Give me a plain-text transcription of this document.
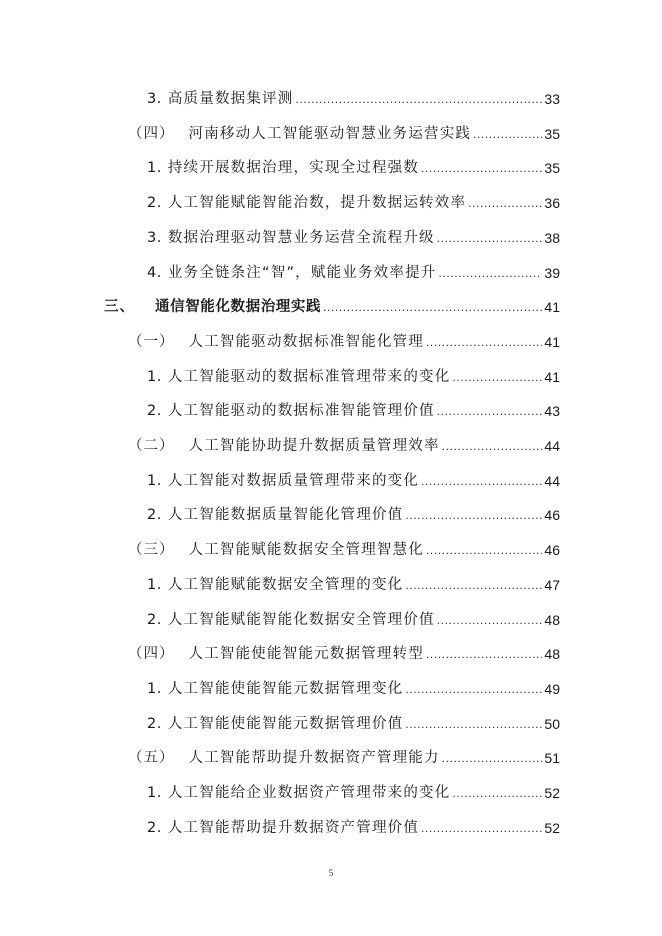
3. 高质量数据集评测 .....	33
（四） 河南移动人工智能驱动智慧业务运营实践 .....	35
1. 持续开展数据治理，实现全过程强数 .....	35
2. 人工智能赋能智能治数，提升数据运转效率 .....	36
3. 数据治理驱动智慧业务运营全流程升级 .....	38
4. 业务全链条注“智”，赋能业务效率提升 .....	39
三、 通信智能化数据治理实践 .....	41
（一） 人工智能驱动数据标准智能化管理 .....	41
1. 人工智能驱动的数据标准管理带来的变化 .....	41
2. 人工智能驱动的数据标准智能管理价值 .....	43
（二） 人工智能协助提升数据质量管理效率 .....	44
1. 人工智能对数据质量管理带来的变化 .....	44
2. 人工智能数据质量智能化管理价值 .....	46
（三） 人工智能赋能数据安全管理智慧化 .....	46
1. 人工智能赋能数据安全管理的变化 .....	47
2. 人工智能赋能智能化数据安全管理价值 .....	48
（四） 人工智能使能智能元数据管理转型 .....	48
1. 人工智能使能智能元数据管理变化 .....	49
2. 人工智能使能智能元数据管理价值 .....	50
（五） 人工智能帮助提升数据资产管理能力 .....	51
1. 人工智能给企业数据资产管理带来的变化 .....	52
2. 人工智能帮助提升数据资产管理价值 .....	52
5
